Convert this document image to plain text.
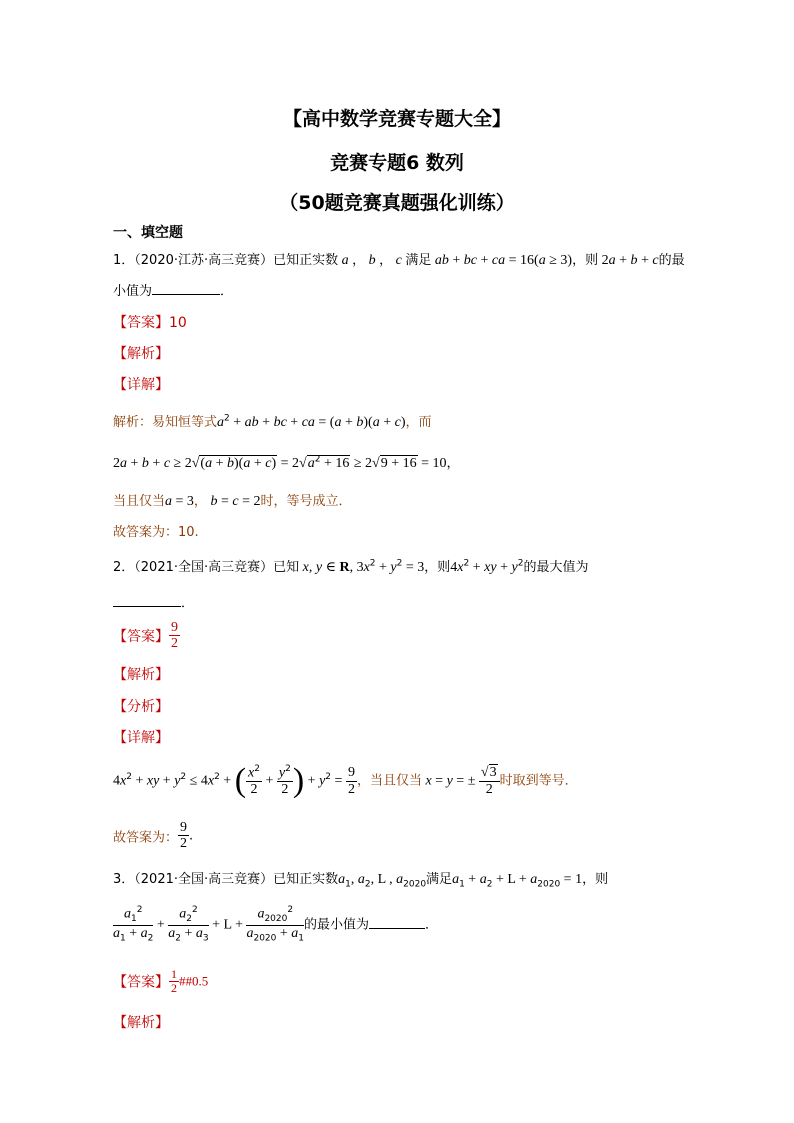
【高中数学竞赛专题大全】
竞赛专题6 数列
（50题竞赛真题强化训练）
一、填空题
1．（2020·江苏·高三竞赛）已知正实数 a ， b ， c 满足 ab + bc + ca = 16(a ≥ 3)，则 2a + b + c的最
小值为	．
【答案】10
【解析】
【详解】
解析：易知恒等式$a^2$ + ab + bc + ca = (a + b)(a + c)，而
$2a + b + c \ge 2√(a + b)(a + c) = 2√a^2 + 16 \ge 2√9 + 16 = 10$，
当且仅当a = 3， b = c = 2时，等号成立．
故答案为：10.
2．（2021·全国·高三竞赛）已知 x, y ∈ R, $3x^2 + y^2 = 3$，则$4x^2$ + xy + $y^2$的最大值为
．
【答案】 $\frac{9}{2}$
【解析】
【分析】
【详解】
$4x^2$ + xy + $y^2 \le 4x^2$ + ( $\frac{x^2}{2} + \frac{y^2}{2}$ ) + $y^2 = \frac{9}{2}$ ，当且仅当 x = y = ± $\frac{√3}{2}$ 时取到等号．
故答案为： $\frac{9}{2}$ .
3．（2021·全国·高三竞赛）已知正实数$a_1$, $a_2$, L , $a_{2020}$满足$a_1 + a_2 + L + a_{2020} = 1$，则
$\frac{a_1^2}{a_1 + a_2} + \frac{a_2^2}{a_2 + a_3} + L + \frac{a_{2020}^2}{a_{2020} + a_1}$ 的最小值为	．
【答案】 $\frac{1}{2}$ ##0.5
【解析】
